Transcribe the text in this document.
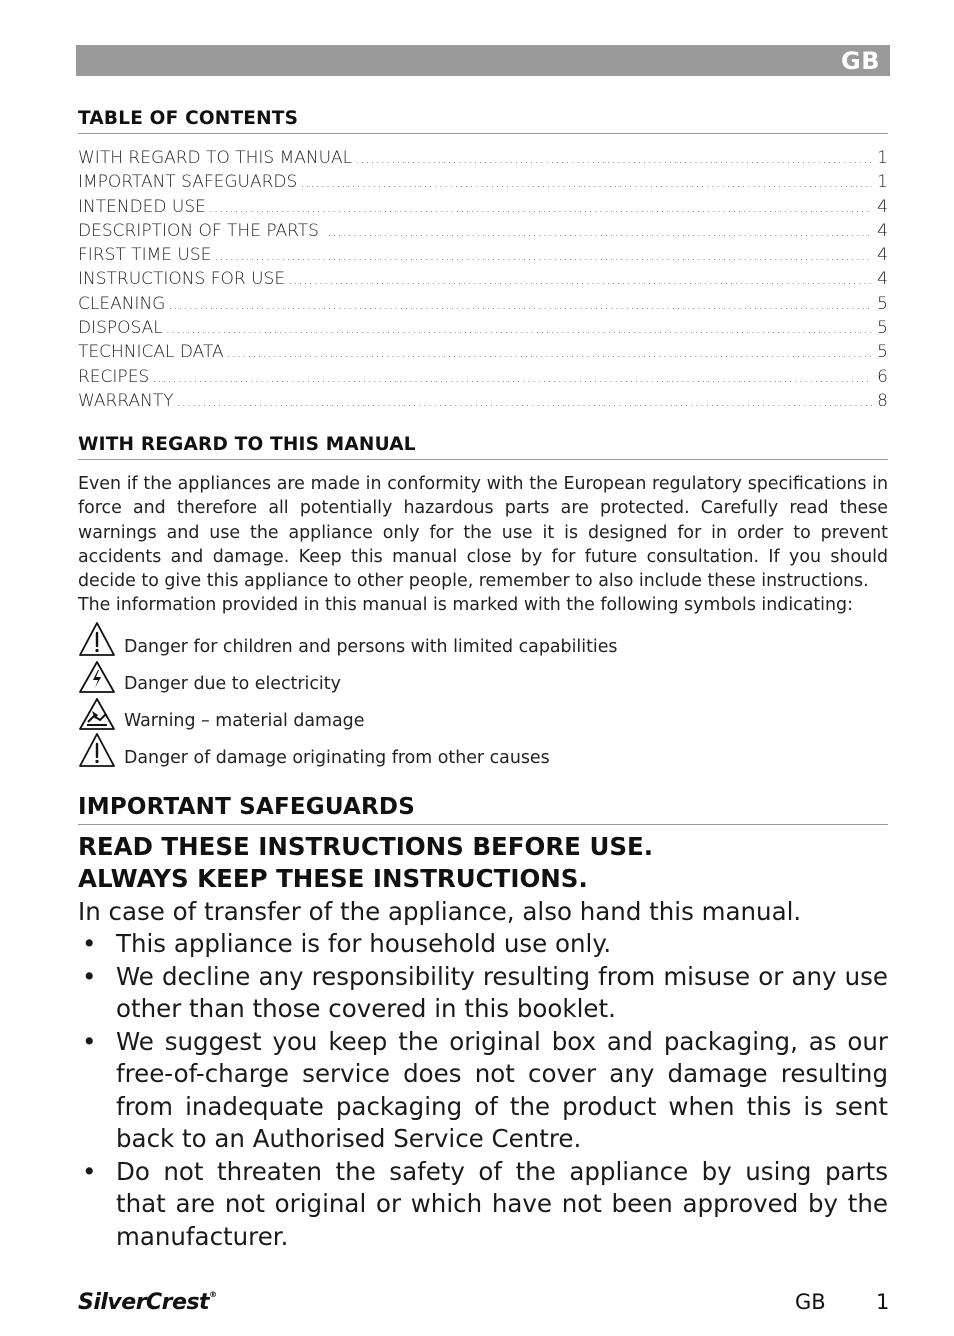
GB
TABLE OF CONTENTS
WITH REGARD TO THIS MANUAL .....	1
IMPORTANT SAFEGUARDS .....	1
INTENDED USE .....	4
DESCRIPTION OF THE PARTS .....	4
FIRST TIME USE .....	4
INSTRUCTIONS FOR USE .....	4
CLEANING .....	5
DISPOSAL .....	5
TECHNICAL DATA .....	5
RECIPES .....	6
WARRANTY .....	8
WITH REGARD TO THIS MANUAL

Even if the appliances are made in conformity with the European regulatory specifications in force and therefore all potentially hazardous parts are protected. Carefully read these warnings and use the appliance only for the use it is designed for in order to prevent accidents and damage. Keep this manual close by for future consultation. If you should decide to give this appliance to other people, remember to also include these instructions.

The information provided in this manual is marked with the following symbols indicating:

Danger for children and persons with limited capabilities
Danger due to electricity
Warning – material damage
Danger of damage originating from other causes
IMPORTANT SAFEGUARDS
READ THESE INSTRUCTIONS BEFORE USE.
ALWAYS KEEP THESE INSTRUCTIONS.
In case of transfer of the appliance, also hand this manual.
• This appliance is for household use only.
• We decline any responsibility resulting from misuse or any use other than those covered in this booklet.
• We suggest you keep the original box and packaging, as our free-of-charge service does not cover any damage resulting from inadequate packaging of the product when this is sent back to an Authorised Service Centre.
• Do not threaten the safety of the appliance by using parts that are not original or which have not been approved by the manufacturer.
SilverCrest®	GB 1
